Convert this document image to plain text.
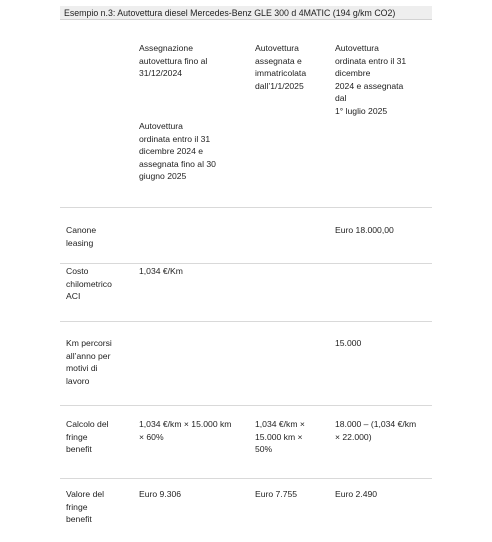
Esempio n.3: Autovettura diesel Mercedes-Benz GLE 300 d 4MATIC (194 g/km CO2)
Assegnazione
autovettura fino al
31/12/2024
Autovettura
assegnata e
immatricolata
dall’1/1/2025
Autovettura
ordinata entro il 31
dicembre
2024 e assegnata
dal
1° luglio 2025
Autovettura
ordinata entro il 31
dicembre 2024 e
assegnata fino al 30
giugno 2025
Canone
leasing
Euro 18.000,00
Costo
chilometrico
ACI
1,034 €/Km
Km percorsi
all’anno per
motivi di
lavoro
15.000
Calcolo del
fringe
benefit
1,034 €/km × 15.000 km
× 60%
1,034 €/km ×
15.000 km ×
50%
18.000 – (1,034 €/km
× 22.000)
Valore del
fringe
benefit
Euro 9.306	Euro 7.755	Euro 2.490
